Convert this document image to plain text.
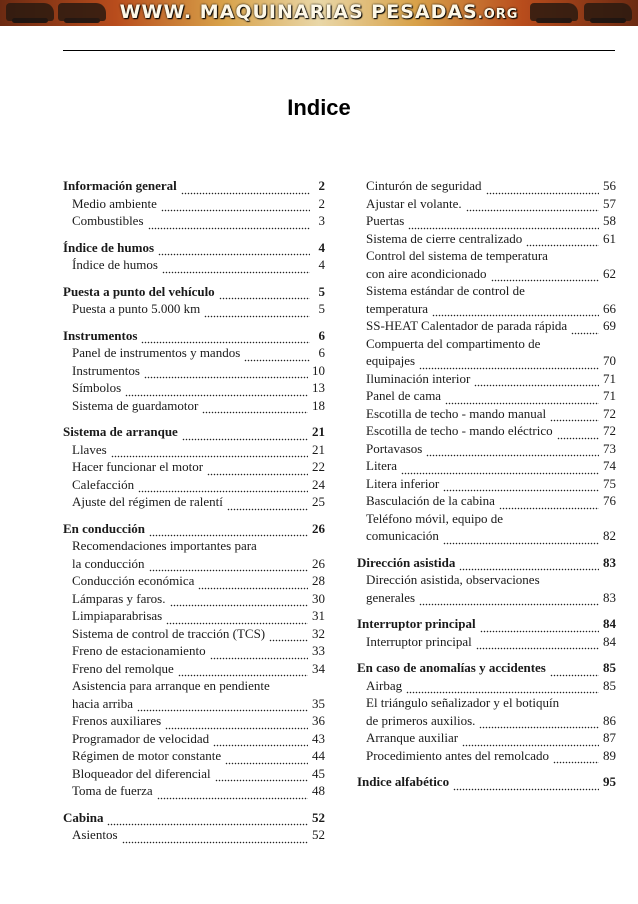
WWW. MAQUINARIAS PESADAS.ORG
Indice
Información general	2
Medio ambiente	2
Combustibles	3
Índice de humos	4
Índice de humos	4
Puesta a punto del vehículo	5
Puesta a punto 5.000 km	5
Instrumentos	6
Panel de instrumentos y mandos	6
Instrumentos	10
Símbolos	13
Sistema de guardamotor	18
Sistema de arranque	21
Llaves	21
Hacer funcionar el motor	22
Calefacción	24
Ajuste del régimen de ralentí	25
En conducción	26
Recomendaciones importantes para
la conducción	26
Conducción económica	28
Lámparas y faros.	30
Limpiaparabrisas	31
Sistema de control de tracción (TCS)	32
Freno de estacionamiento	33
Freno del remolque	34
Asistencia para arranque en pendiente
hacia arriba	35
Frenos auxiliares	36
Programador de velocidad	43
Régimen de motor constante	44
Bloqueador del diferencial	45
Toma de fuerza	48
Cabina	52
Asientos	52
Cinturón de seguridad	56
Ajustar el volante.	57
Puertas	58
Sistema de cierre centralizado	61
Control del sistema de temperatura
con aire acondicionado	62
Sistema estándar de control de
temperatura	66
SS-HEAT Calentador de parada rápida	69
Compuerta del compartimento de
equipajes	70
Iluminación interior	71
Panel de cama	71
Escotilla de techo - mando manual	72
Escotilla de techo - mando eléctrico	72
Portavasos	73
Litera	74
Litera inferior	75
Basculación de la cabina	76
Teléfono móvil, equipo de
comunicación	82
Dirección asistida	83
Dirección asistida, observaciones
generales	83
Interruptor principal	84
Interruptor principal	84
En caso de anomalías y accidentes	85
Airbag	85
El triángulo señalizador y el botiquín
de primeros auxilios.	86
Arranque auxiliar	87
Procedimiento antes del remolcado	89
Indice alfabético	95
